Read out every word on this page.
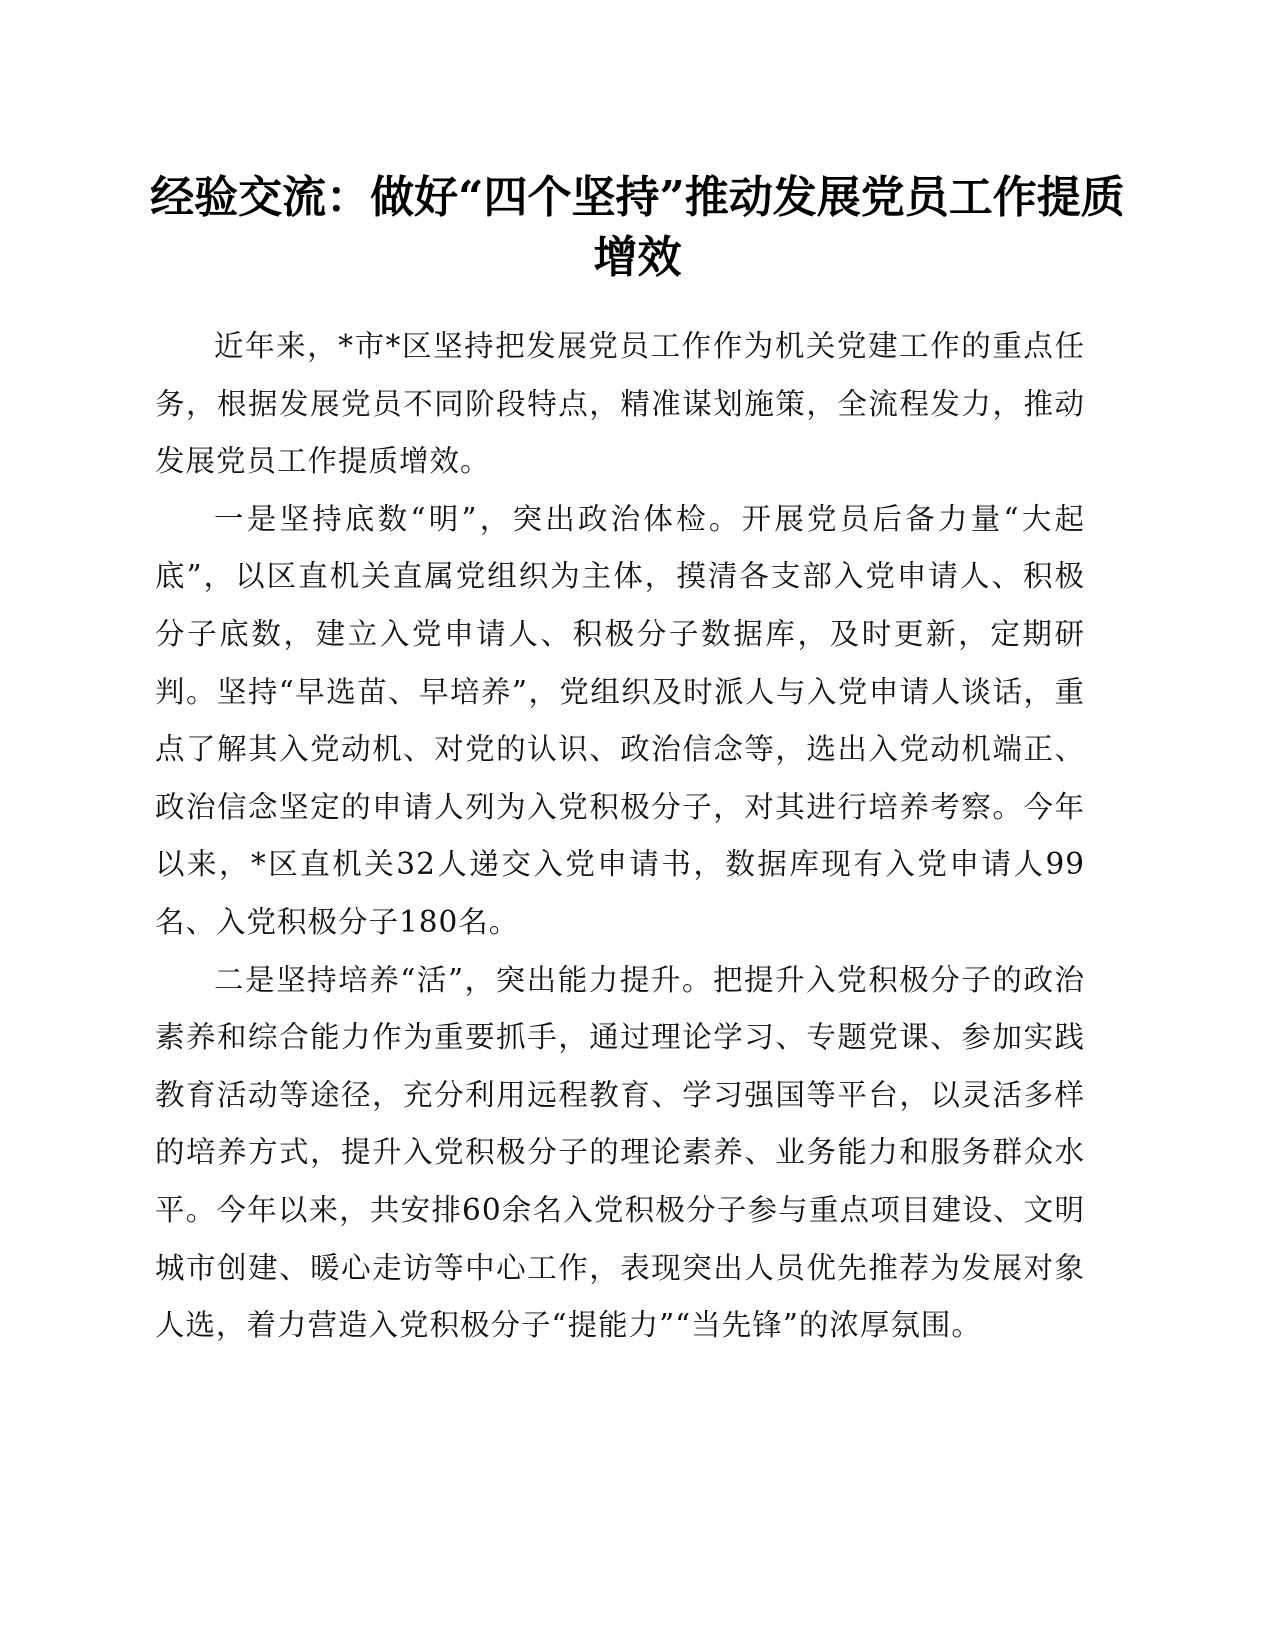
经验交流：做好“四个坚持”推动发展党员工作提质增效

近年来，*市*区坚持把发展党员工作作为机关党建工作的重点任务，根据发展党员不同阶段特点，精准谋划施策，全流程发力，推动发展党员工作提质增效。

一是坚持底数“明”，突出政治体检。开展党员后备力量“大起底”，以区直机关直属党组织为主体，摸清各支部入党申请人、积极分子底数，建立入党申请人、积极分子数据库，及时更新，定期研判。坚持“早选苗、早培养”，党组织及时派人与入党申请人谈话，重点了解其入党动机、对党的认识、政治信念等，选出入党动机端正、政治信念坚定的申请人列为入党积极分子，对其进行培养考察。今年以来，*区直机关32人递交入党申请书，数据库现有入党申请人99名、入党积极分子180名。

二是坚持培养“活”，突出能力提升。把提升入党积极分子的政治素养和综合能力作为重要抓手，通过理论学习、专题党课、参加实践教育活动等途径，充分利用远程教育、学习强国等平台，以灵活多样的培养方式，提升入党积极分子的理论素养、业务能力和服务群众水平。今年以来，共安排60余名入党积极分子参与重点项目建设、文明城市创建、暖心走访等中心工作，表现突出人员优先推荐为发展对象人选，着力营造入党积极分子“提能力”“当先锋”的浓厚氛围。
